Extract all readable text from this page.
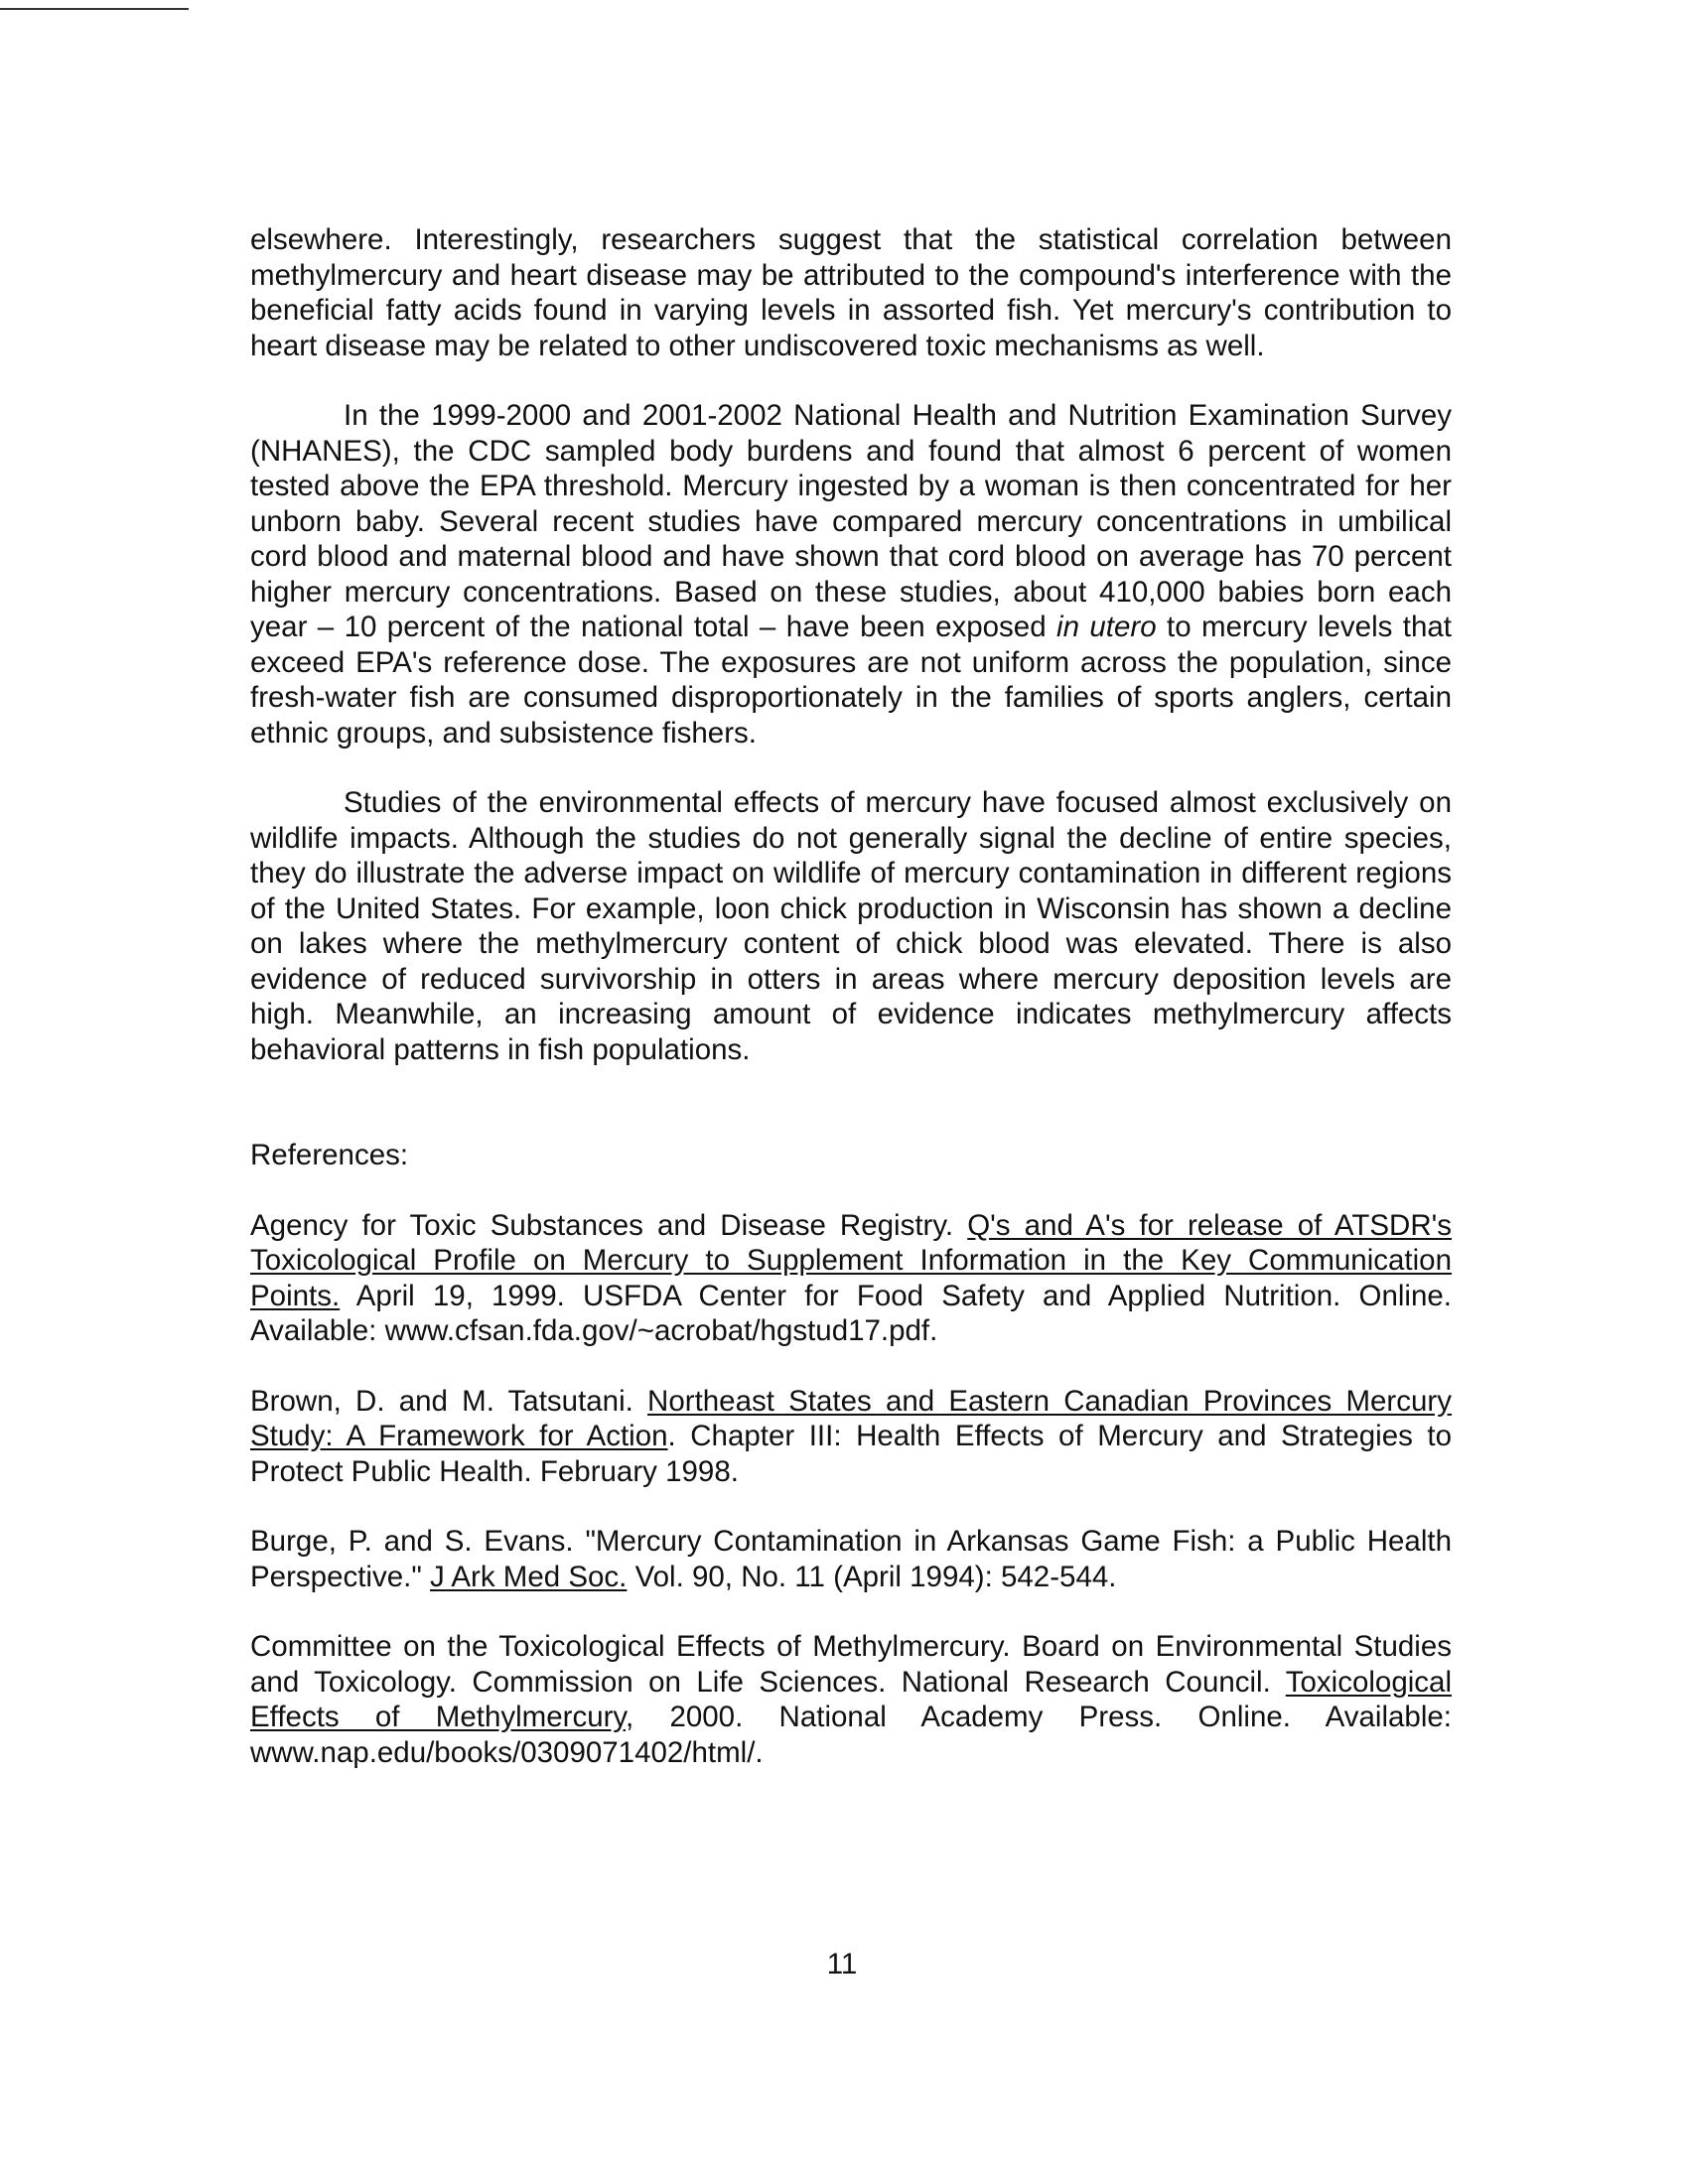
elsewhere. Interestingly, researchers suggest that the statistical correlation between methylmercury and heart disease may be attributed to the compound's interference with the beneficial fatty acids found in varying levels in assorted fish. Yet mercury's contribution to heart disease may be related to other undiscovered toxic mechanisms as well.

In the 1999-2000 and 2001-2002 National Health and Nutrition Examination Survey (NHANES), the CDC sampled body burdens and found that almost 6 percent of women tested above the EPA threshold. Mercury ingested by a woman is then concentrated for her unborn baby. Several recent studies have compared mercury concentrations in umbilical cord blood and maternal blood and have shown that cord blood on average has 70 percent higher mercury concentrations. Based on these studies, about 410,000 babies born each year – 10 percent of the national total – have been exposed in utero to mercury levels that exceed EPA's reference dose. The exposures are not uniform across the population, since fresh-water fish are consumed disproportionately in the families of sports anglers, certain ethnic groups, and subsistence fishers.

Studies of the environmental effects of mercury have focused almost exclusively on wildlife impacts. Although the studies do not generally signal the decline of entire species, they do illustrate the adverse impact on wildlife of mercury contamination in different regions of the United States. For example, loon chick production in Wisconsin has shown a decline on lakes where the methylmercury content of chick blood was elevated. There is also evidence of reduced survivorship in otters in areas where mercury deposition levels are high. Meanwhile, an increasing amount of evidence indicates methylmercury affects behavioral patterns in fish populations.

References:

Agency for Toxic Substances and Disease Registry. Q's and A's for release of ATSDR's Toxicological Profile on Mercury to Supplement Information in the Key Communication Points. April 19, 1999. USFDA Center for Food Safety and Applied Nutrition. Online. Available: www.cfsan.fda.gov/~acrobat/hgstud17.pdf.

Brown, D. and M. Tatsutani. Northeast States and Eastern Canadian Provinces Mercury Study: A Framework for Action. Chapter III: Health Effects of Mercury and Strategies to Protect Public Health. February 1998.

Burge, P. and S. Evans. "Mercury Contamination in Arkansas Game Fish: a Public Health Perspective." J Ark Med Soc. Vol. 90, No. 11 (April 1994): 542-544.

Committee on the Toxicological Effects of Methylmercury. Board on Environmental Studies and Toxicology. Commission on Life Sciences. National Research Council. Toxicological Effects of Methylmercury, 2000. National Academy Press. Online. Available: www.nap.edu/books/0309071402/html/.

11
